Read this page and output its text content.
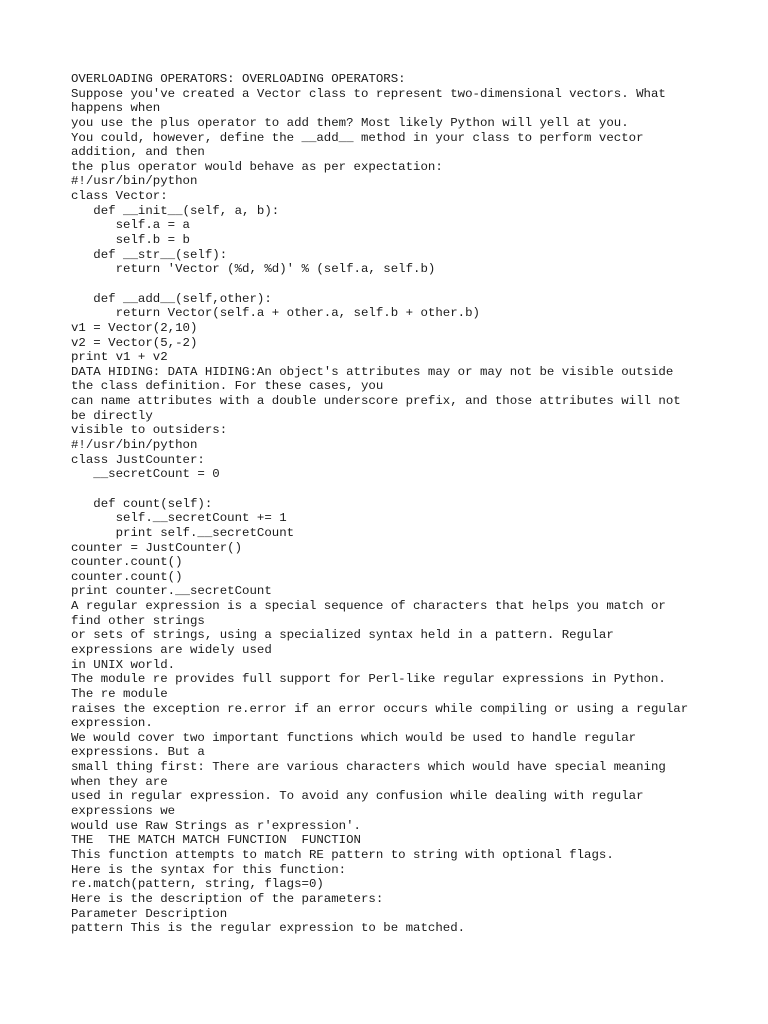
OVERLOADING OPERATORS: OVERLOADING OPERATORS:
Suppose you've created a Vector class to represent two-dimensional vectors. What
happens when
you use the plus operator to add them? Most likely Python will yell at you.
You could, however, define the __add__ method in your class to perform vector
addition, and then
the plus operator would behave as per expectation:
#!/usr/bin/python
class Vector:
def __init__(self, a, b):
self.a = a
self.b = b
def __str__(self):
return 'Vector (%d, %d)' % (self.a, self.b)
def __add__(self,other):
return Vector(self.a + other.a, self.b + other.b)
v1 = Vector(2,10)
v2 = Vector(5,-2)
print v1 + v2
DATA HIDING: DATA HIDING:An object's attributes may or may not be visible outside
the class definition. For these cases, you
can name attributes with a double underscore prefix, and those attributes will not
be directly
visible to outsiders:
#!/usr/bin/python
class JustCounter:
__secretCount = 0
def count(self):
self.__secretCount += 1
print self.__secretCount
counter = JustCounter()
counter.count()
counter.count()
print counter.__secretCount
A regular expression is a special sequence of characters that helps you match or
find other strings
or sets of strings, using a specialized syntax held in a pattern. Regular
expressions are widely used
in UNIX world.
The module re provides full support for Perl-like regular expressions in Python.
The re module
raises the exception re.error if an error occurs while compiling or using a regular
expression.
We would cover two important functions which would be used to handle regular
expressions. But a
small thing first: There are various characters which would have special meaning
when they are
used in regular expression. To avoid any confusion while dealing with regular
expressions we
would use Raw Strings as r'expression'.
THE  THE MATCH MATCH FUNCTION  FUNCTION
This function attempts to match RE pattern to string with optional flags.
Here is the syntax for this function:
re.match(pattern, string, flags=0)
Here is the description of the parameters:
Parameter Description
pattern This is the regular expression to be matched.
